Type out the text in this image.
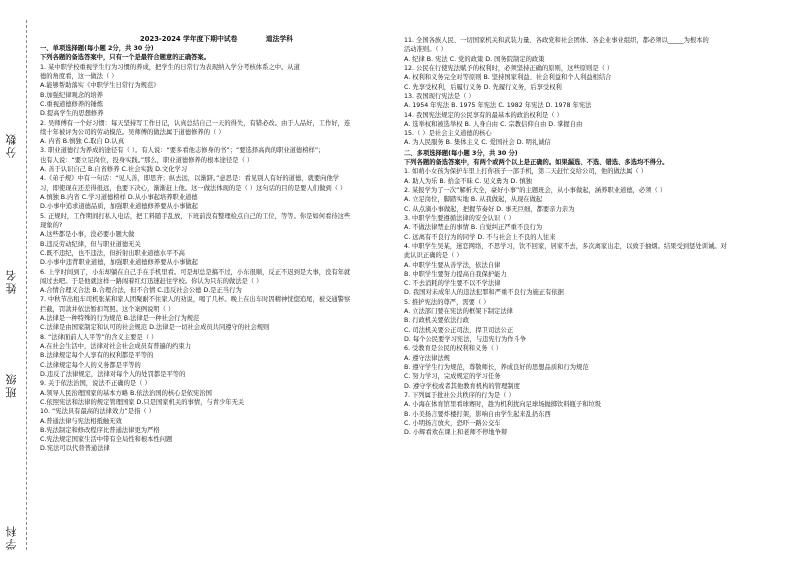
分数
姓名
班级
学科
2023-2024 学年度下期中试卷	道法学科
一、单项选择题(每小题 2分，共 30 分)
下列各题的备选答案中，只有一个是最符合题意的正确答案。
1. 某中职学校重视学生行为习惯的养成，把学生的日常行为表现纳入学分考核体系之中。从道
德的角度看，这一做法（ ）
A.能够帮助落实《中职学生日常行为规范》
B.加强纪律观念的培养
C.重视道德修养的锤炼
D.提高学生的思想修养
2. 吴师傅有一个好习惯：每天坚持写工作日记，认真总结自己一天的得失，有错必改。由于人品好，工作好，连
续十年被评为公司的劳动模范。吴师傅的做法属于道德修养的（ ）
A. 内省 B.慎独 C.取自 D.认真
3. 职业道德行为养成的途径有（ ）。有人说：“要多看他志修身的书”；“要选择高尚的职业道德榜样”；
也有人说：“要立足岗位，投身实践。”那么，职业道德修养的根本途径是（ ）
A. 善于认识自己 B.自省修养 C.社会实践 D.文化学习
4.《弟子规》中有一句话：“见人善，即思齐；纵去远，以渐跻。”意思是：看见别人有好的道德，就要向他学
习，即使现在还差得很远，也要下决心，渐渐赶上他。这一做法体现的是（ ）这句话的目的是要人们做到（ ）
A.慎独 B.内省 C.学习道德榜样 D.从小事起培养职业道德
D.小事中追求道德品质，加强职业道德修养要从小事做起
5. 正规时，工作期间打私人电话，把工料随手乱放，下班前没有整理检点自己的工位，等等。你是如何看待这些
现象的?
A.这些都是小事，没必要小题大做
B.违反劳动纪律，但与职业道德无关
C.既不违纪，也不违法，但折射出职业道德水平不高
D.小事中违背职业道德，加强职业道德修养要从小事做起
6. 上学时间到了，小东却躺在自己手在手机里看。可是却总是搞不过，小东很顺，反正不迟到是大事，没有年就
闯过去吧。于是他就这样一路闯着红灯迅速赶往学校。你认为只东的做法是（ ）
A.合情合理又合法 B.合理合法，但不合情 C.违反社会公德 D.是正当行为
7. 中秋节出租车司机张某和家人团聚耐不住家人的劝说，喝了几杯。晚上在出车时因精神恍惚追尾，被交通警察
拦截，罚款并依法暂扣驾照。这个案例说明（ ）
A.法律是一种特殊的行为规范 B.法律是一种社会行为规范
C.法律是由国家制定和认可的社会规范 D.法律是一切社会成员共同遵守的社会规则
8. “法律面前人人平等”的含义主要是（ ）
A.在社会生活中，法律对社会社会成员有普遍的约束力
B.法律规定每个人享有的权利都是平等的
C.法律规定每个人的义务都是平等的
D.违反了法律规定，法律对每个人的处罚都是平等的
9. 关于依法治国，说法不正确的是（ ）
A.领导人民治理国家的基本方略 B.依法治国的核心是依宪治国
C.依照宪法和法律的规定管理国家 D.只是国家机关的事情，与青少年无关
10. “宪法具有最高的法律效力”是指（ ）
A.普通法律与宪法相抵触无效
B.宪法制定和修改程序比普通法律更为严格
C.宪法规定国家生活中带有全局性和根本性问题
D.宪法可以代替普通法律
11. 全国各族人民、一切国家机关和武装力量、各政党和社会团体、各企业事业组织，都必须以_____为根本的
活动准则。（ ）
A. 纪律 B. 宪法 C. 党的政策 D. 国务院制定的政策
12. 公民在行使宪法赋予的权利时，必须坚持正确的原则，这些原则是（ ）
A. 权利和义务完全对等原则 B. 坚持国家利益、社会利益和个人利益相结合
C. 先享受权利，后履行义务 D. 先履行义务，后享受权利
13. 我国现行宪法是（ ）
A. 1954 年宪法 B. 1975 年宪法 C. 1982 年宪法 D. 1978 年宪法
14. 我国宪法规定的公民享有的最基本的政治权利是（ ）
A. 选举权和被选举权 B. 人身自由 C. 宗教信仰自由 D. 掌握自由
15.（ ）是社会主义道德的核心
A. 为人民服务 B. 集体主义 C. 爱国社会 D. 明礼诚信
二、多项选择题(每小题 3分，共 30 分)
下列各题的备选答案中，有两个或两个以上是正确的。如果漏选、不选、错选、多选均不得分。
1. 如萌小女孩为保护车里上打你孩子一部手机，第二天赶忙交给公司，他的做法属（ ）
A. 助人为乐 B. 拾金不昧 C. 见义勇为 D. 慎独
2. 某报学为了一次“解析大全，豪好小事”的主题班会，从小事做起，涵养职业道德，必须（ ）
A. 立足岗位，脚踏实地 B. 从我做起，从现在做起
C. 从点滴小事做起，把握节奏好 D. 事无巨细，都要亲力亲为
3. 中职学生要遵循法律的安全认识（ ）
A. 不做法律禁止的事情 B. 自觉纠正严重不良行为
C. 远离有不良行为的同学 D. 不与社会上不良的人往来
4. 中职学生吴某，迷恋网络，不思学习，饮不回家，居家不去，多次离家出走，以致于抽烟。结果受到惩处训诫。对
此认识正确的是（ ）
A. 中职学生要从善学法，依法自律
B. 中职学生要努力提高自我保护能力
C. 不去消耗的学生要不以不学法律
D. 我国对未成年人的违法犯罪和严重不良行为施正有依据
5. 推护宪法的尊严，需要（ ）
A. 立法部门要在宪法的框架下制定法律
B. 行政机关要依法行政
C. 司法机关要公正司法，捍卫司法公正
D. 每个公民要学习宪法，与违宪行为作斗争
6. 受教育是公民的权利和义务（ ）
A. 遵守法律法规
B. 遵守学生行为规范，尊敬师长，养成良好的思想品质和行为规范
C. 努力学习，完成规定的学习任务
D. 遵守学校或者其他教育机构的管理制度
7. 下列属于批社公共秩序的行为是（ ）
A. 小海在体育馆里看球赛时，趁为机利扰向足球场抛掷饮料瓶子和垃圾
B. 小美扬言要炸楼打架，影响自由学生起来乱扔东西
C. 小明扬言放火，恐吓一路公交车
D. 小辉看欢在课上和老师不停地争辩
